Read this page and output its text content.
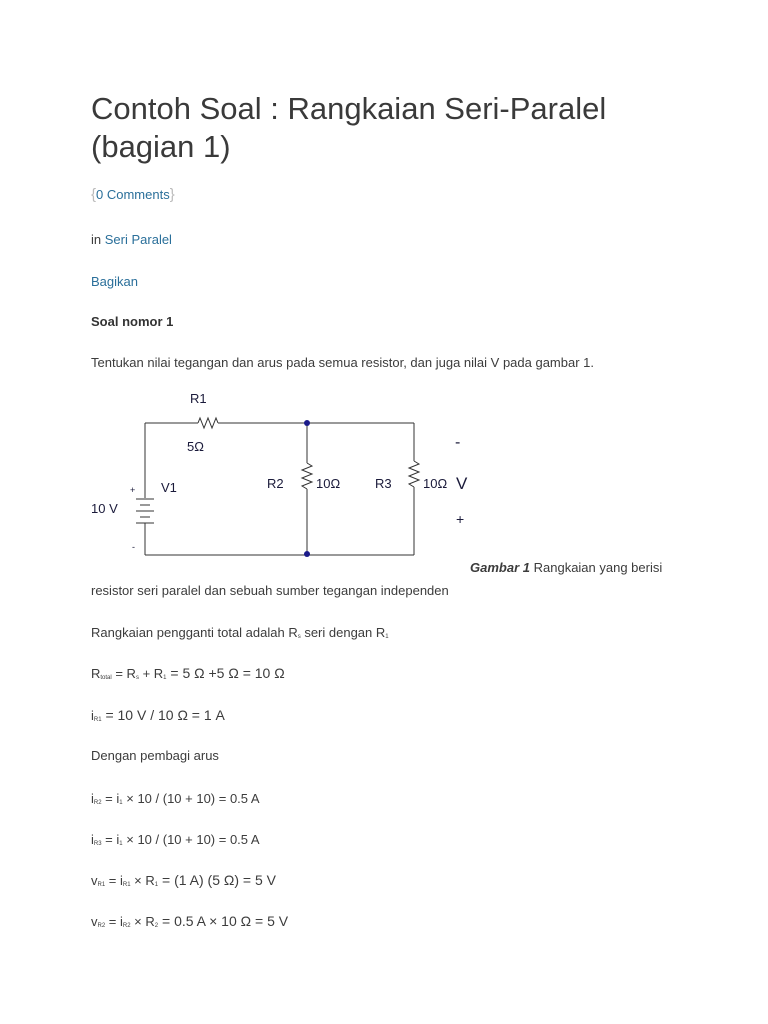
Contoh Soal : Rangkaian Seri-Paralel (bagian 1)
{0 Comments}
in Seri Paralel
Bagikan
Soal nomor 1
Tentukan nilai tegangan dan arus pada semua resistor, dan juga nilai V pada gambar 1.
R1
5Ω
R2 10Ω	R3 10Ω
V1
10 V
V
+
-
-
+
Gambar 1 Rangkaian yang berisi
resistor seri paralel dan sebuah sumber tegangan independen
Rangkaian pengganti total adalah $R_s$ seri dengan $R_1$
$R_{total} = R_s + R_1 = 5$ Ω +5 Ω = 10 Ω
$i_{R1} = 10$ V / 10 Ω = 1 A
Dengan pembagi arus
$i_{R2} = i_1 \times 10 / (10 + 10) = 0.5$ A
$i_{R3} = i_1 \times 10 / (10 + 10) = 0.5$ A
$v_{R1} = i_{R1} \times R_1 = (1$ A) (5 Ω) = 5 V
$v_{R2} = i_{R2} \times R_2 = 0.5$ A × 10 Ω = 5 V
